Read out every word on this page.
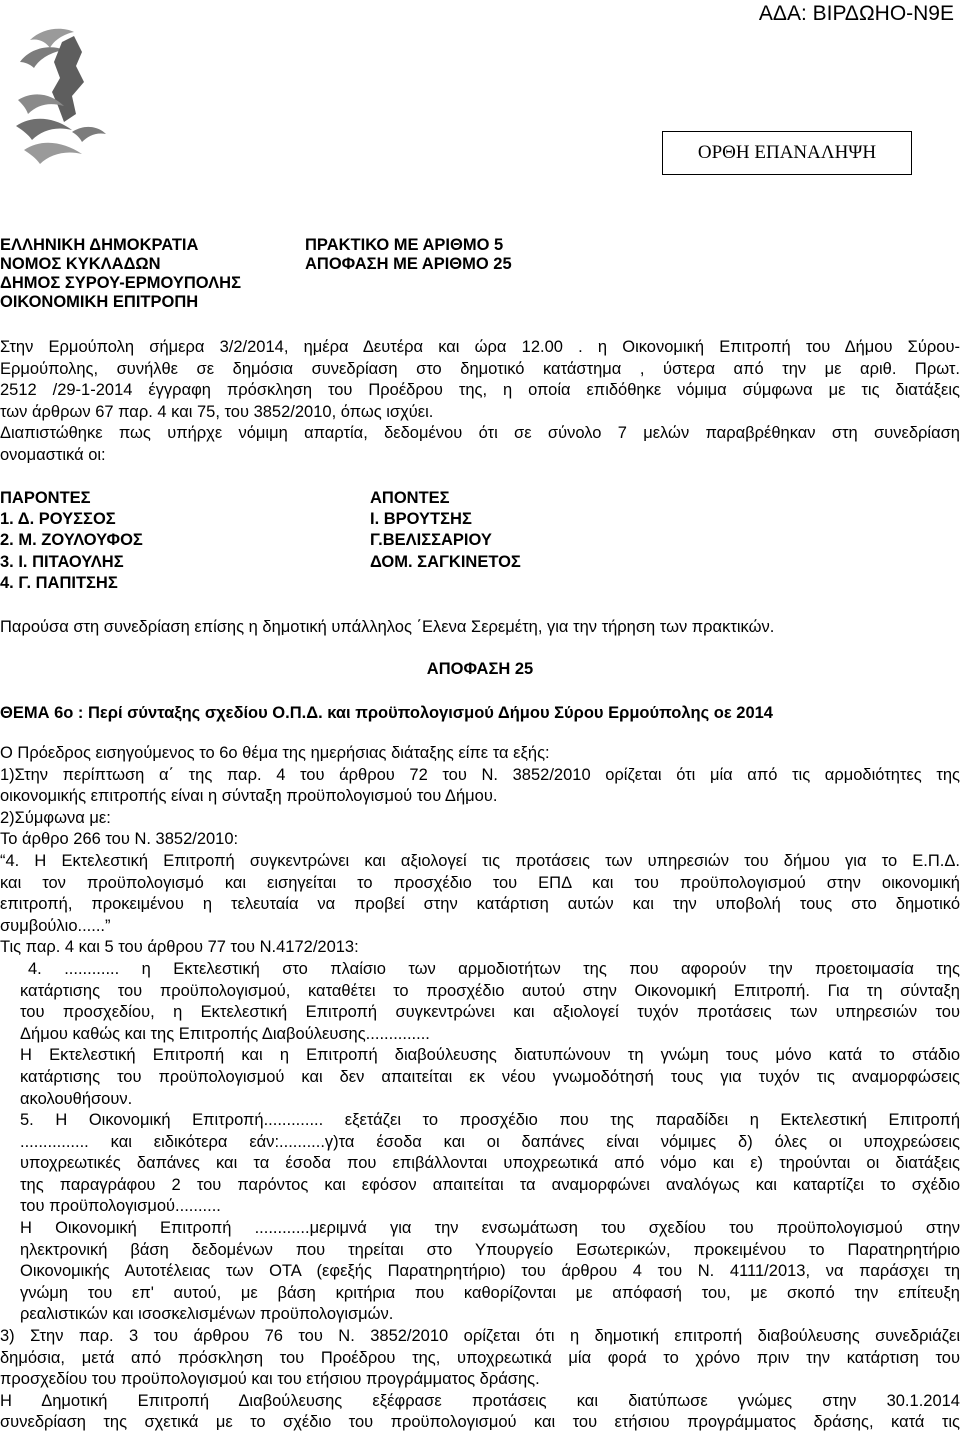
ΑΔΑ: ΒΙΡΔΩΗΟ-Ν9Ε
ΟΡΘΗ ΕΠΑΝΑΛΗΨΗ
ΕΛΛΗΝΙΚΗ ΔΗΜΟΚΡΑΤΙΑ
ΝΟΜΟΣ ΚΥΚΛΑΔΩΝ
ΔΗΜΟΣ ΣΥΡΟΥ-ΕΡΜΟΥΠΟΛΗΣ
ΟΙΚΟΝΟΜΙΚΗ ΕΠΙΤΡΟΠΗ
ΠΡΑΚΤΙΚΟ ΜΕ ΑΡΙΘΜΟ 5
ΑΠΟΦΑΣΗ ΜΕ ΑΡΙΘΜΟ 25
Στην Ερμούπολη σήμερα 3/2/2014, ημέρα Δευτέρα και ώρα 12.00 . η Οικονομική Επιτροπή του Δήμου Σύρου-
Ερμούπολης, συνήλθε σε δημόσια συνεδρίαση στο δημοτικό κατάστημα , ύστερα από την με αριθ. Πρωτ.
2512 /29-1-2014 έγγραφη πρόσκληση του Προέδρου της, η οποία επιδόθηκε νόμιμα σύμφωνα με τις διατάξεις
των άρθρων 67 παρ. 4 και 75, του 3852/2010, όπως ισχύει.
Διαπιστώθηκε πως υπήρχε νόμιμη απαρτία, δεδομένου ότι σε σύνολο 7 μελών παραβρέθηκαν στη συνεδρίαση
ονομαστικά οι:
ΠΑΡΟΝΤΕΣ
1. Δ. ΡΟΥΣΣΟΣ
2. Μ. ΖΟΥΛΟΥΦΟΣ
3. Ι. ΠΙΤΑΟΥΛΗΣ
4. Γ. ΠΑΠΙΤΣΗΣ
ΑΠΟΝΤΕΣ
Ι. ΒΡΟΥΤΣΗΣ
Γ.ΒΕΛΙΣΣΑΡΙΟΥ
ΔΟΜ. ΣΑΓΚΙΝΕΤΟΣ
Παρούσα στη συνεδρίαση επίσης η δημοτική υπάλληλος ΄Ελενα Σερεμέτη, για την τήρηση των πρακτικών.
ΑΠΟΦΑΣΗ 25
ΘΕΜΑ 6ο : Περί σύνταξης σχεδίου Ο.Π.Δ. και προϋπολογισμού Δήμου Σύρου Ερμούπολης οε 2014
Ο Πρόεδρος εισηγούμενος το 6ο θέμα της ημερήσιας διάταξης είπε τα εξής:
1)Στην περίπτωση α΄ της παρ. 4 του άρθρου 72 του Ν. 3852/2010 ορίζεται ότι μία από τις αρμοδιότητες της
οικονομικής επιτροπής είναι η σύνταξη προϋπολογισμού του Δήμου.
2)Σύμφωνα με:
Το άρθρο 266 του Ν. 3852/2010:
“4. Η Εκτελεστική Επιτροπή συγκεντρώνει και αξιολογεί τις προτάσεις των υπηρεσιών του δήμου για το Ε.Π.Δ.
και τον προϋπολογισμό και εισηγείται το προσχέδιο του ΕΠΔ και του προϋπολογισμού στην οικονομική
επιτροπή, προκειμένου η τελευταία να προβεί στην κατάρτιση αυτών και την υποβολή τους στο δημοτικό
συμβούλιο......”
Τις παρ. 4 και 5 του άρθρου 77 του Ν.4172/2013:
4. ............ η Εκτελεστική στο πλαίσιο των αρμοδιοτήτων της που αφορούν την προετοιμασία της
κατάρτισης του προϋπολογισμού, καταθέτει το προσχέδιο αυτού στην Οικονομική Επιτροπή. Για τη σύνταξη
του προσχεδίου, η Εκτελεστική Επιτροπή συγκεντρώνει και αξιολογεί τυχόν προτάσεις των υπηρεσιών του
Δήμου καθώς και της Επιτροπής Διαβούλευσης..............
Η Εκτελεστική Επιτροπή και η Επιτροπή διαβούλευσης διατυπώνουν τη γνώμη τους μόνο κατά το στάδιο
κατάρτισης του προϋπολογισμού και δεν απαιτείται εκ νέου γνωμοδότησή τους για τυχόν τις αναμορφώσεις
ακολουθήσουν.
5. Η Οικονομική Επιτροπή............. εξετάζει το προσχέδιο που της παραδίδει η Εκτελεστική Επιτροπή
............... και ειδικότερα εάν:..........γ)τα έσοδα και οι δαπάνες είναι νόμιμες δ) όλες οι υποχρεώσεις
υποχρεωτικές δαπάνες και τα έσοδα που επιβάλλονται υποχρεωτικά από νόμο και ε) τηρούνται οι διατάξεις
της παραγράφου 2 του παρόντος και εφόσον απαιτείται τα αναμορφώνει αναλόγως και καταρτίζει το σχέδιο
του προϋπολογισμού..........
Η Οικονομική Επιτροπή ............μεριμνά για την ενσωμάτωση του σχεδίου του προϋπολογισμού στην
ηλεκτρονική βάση δεδομένων που τηρείται στο Υπουργείο Εσωτερικών, προκειμένου το Παρατηρητήριο
Οικονομικής Αυτοτέλειας των ΟΤΑ (εφεξής Παρατηρητήριο) του άρθρου 4 του Ν. 4111/2013, να παράσχει τη
γνώμη του επ' αυτού, με βάση κριτήρια που καθορίζονται με απόφασή του, με σκοπό την επίτευξη
ρεαλιστικών και ισοσκελισμένων προϋπολογισμών.
3) Στην παρ. 3 του άρθρου 76 του Ν. 3852/2010 ορίζεται ότι η δημοτική επιτροπή διαβούλευσης συνεδριάζει
δημόσια, μετά από πρόσκληση του Προέδρου της, υποχρεωτικά μία φορά το χρόνο πριν την κατάρτιση του
προσχεδίου του προϋπολογισμού και του ετήσιου προγράμματος δράσης.
Η Δημοτική Επιτροπή Διαβούλευσης εξέφρασε προτάσεις και διατύπωσε γνώμες στην 30.1.2014
συνεδρίαση της σχετικά με το σχέδιο του προϋπολογισμού και του ετήσιου προγράμματος δράσης, κατά τις
